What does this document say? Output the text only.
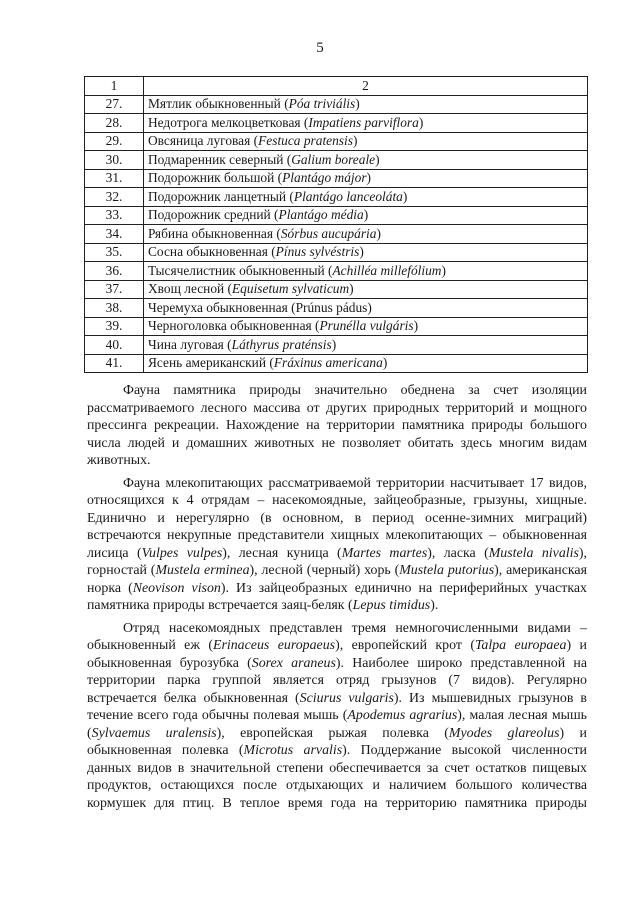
5
1	2
27.	Мятлик обыкновенный (Póa triviális)
28.	Недотрога мелкоцветковая (Impatiens parviflora)
29.	Овсяница луговая (Festuca pratensis)
30.	Подмаренник северный (Galium boreale)
31.	Подорожник большой (Plantágo májor)
32.	Подорожник ланцетный (Plantágo lanceoláta)
33.	Подорожник средний (Plantágo média)
34.	Рябина обыкновенная (Sórbus aucupária)
35.	Сосна обыкновенная (Pínus sylvéstris)
36.	Тысячелистник обыкновенный (Achilléa millefólium)
37.	Хвощ лесной (Equisetum sylvaticum)
38.	Черемуха обыкновенная (Prúnus pádus)
39.	Черноголовка обыкновенная (Prunélla vulgáris)
40.	Чина луговая (Láthyrus praténsis)
41.	Ясень американский (Fráxinus americana)

Фауна памятника природы значительно обеднена за счет изоляции рассматриваемого лесного массива от других природных территорий и мощного прессинга рекреации. Нахождение на территории памятника природы большого числа людей и домашних животных не позволяет обитать здесь многим видам животных.

Фауна млекопитающих рассматриваемой территории насчитывает 17 видов, относящихся к 4 отрядам – насекомоядные, зайцеобразные, грызуны, хищные. Единично и нерегулярно (в основном, в период осенне-зимних миграций) встречаются некрупные представители хищных млекопитающих – обыкновенная лисица (Vulpes vulpes), лесная куница (Martes martes), ласка (Mustela nivalis), горностай (Mustela erminea), лесной (черный) хорь (Mustela putorius), американская норка (Neovison vison). Из зайцеобразных единично на периферийных участках памятника природы встречается заяц-беляк (Lepus timidus).

Отряд насекомоядных представлен тремя немногочисленными видами – обыкновенный еж (Erinaceus europaeus), европейский крот (Talpa europaea) и обыкновенная бурозубка (Sorex araneus). Наиболее широко представленной на территории парка группой является отряд грызунов (7 видов). Регулярно встречается белка обыкновенная (Sciurus vulgaris). Из мышевидных грызунов в течение всего года обычны полевая мышь (Apodemus agrarius), малая лесная мышь (Sylvaemus uralensis), европейская рыжая полевка (Myodes glareolus) и обыкновенная полевка (Microtus arvalis). Поддержание высокой численности данных видов в значительной степени обеспечивается за счет остатков пищевых продуктов, остающихся после отдыхающих и наличием большого количества кормушек для птиц. В теплое время года на территорию памятника природы
